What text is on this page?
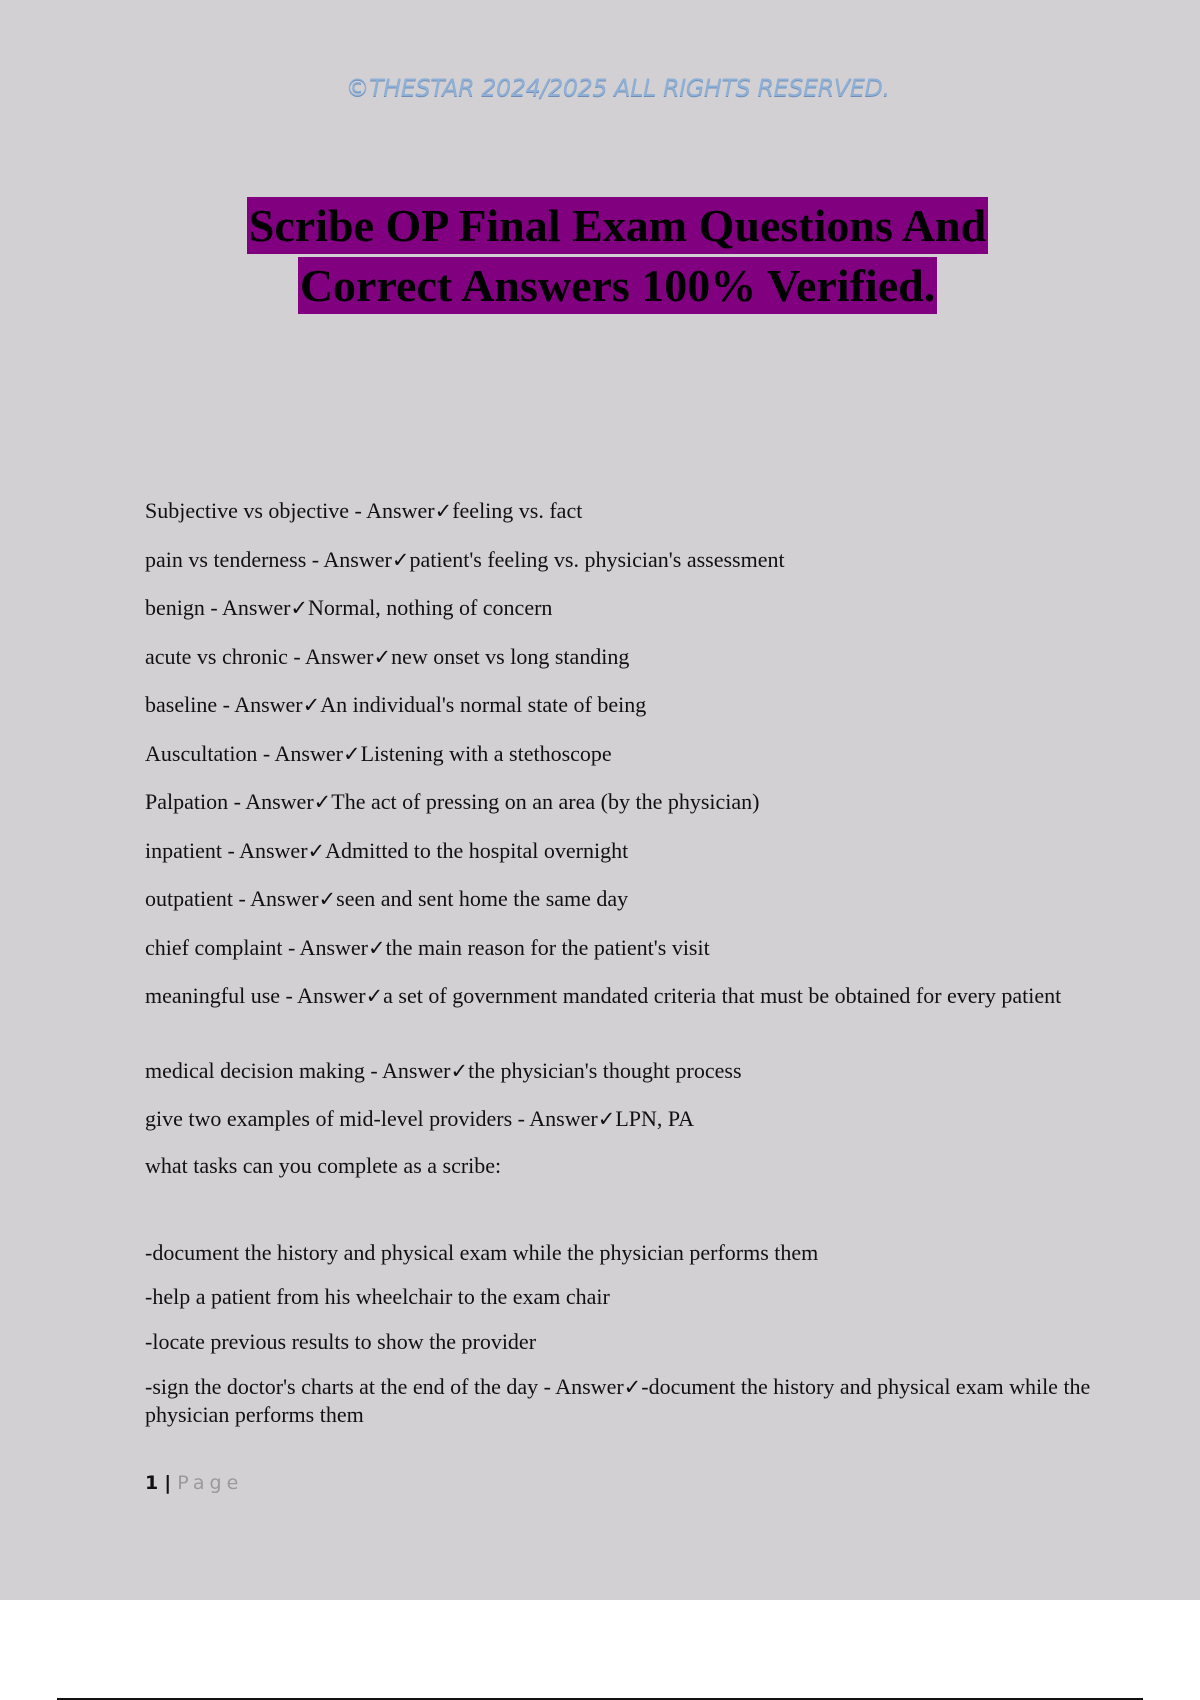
©THESTAR 2024/2025 ALL RIGHTS RESERVED.
Scribe OP Final Exam Questions And
Correct Answers 100% Verified.
Subjective vs objective - Answer✓feeling vs. fact
pain vs tenderness - Answer✓patient's feeling vs. physician's assessment
benign - Answer✓Normal, nothing of concern
acute vs chronic - Answer✓new onset vs long standing
baseline - Answer✓An individual's normal state of being
Auscultation - Answer✓Listening with a stethoscope
Palpation - Answer✓The act of pressing on an area (by the physician)
inpatient - Answer✓Admitted to the hospital overnight
outpatient - Answer✓seen and sent home the same day
chief complaint - Answer✓the main reason for the patient's visit
meaningful use - Answer✓a set of government mandated criteria that must be obtained for every patient
medical decision making - Answer✓the physician's thought process
give two examples of mid-level providers - Answer✓LPN, PA
what tasks can you complete as a scribe:
-document the history and physical exam while the physician performs them
-help a patient from his wheelchair to the exam chair
-locate previous results to show the provider
-sign the doctor's charts at the end of the day - Answer✓-document the history and physical exam while the physician performs them
1 | Page
